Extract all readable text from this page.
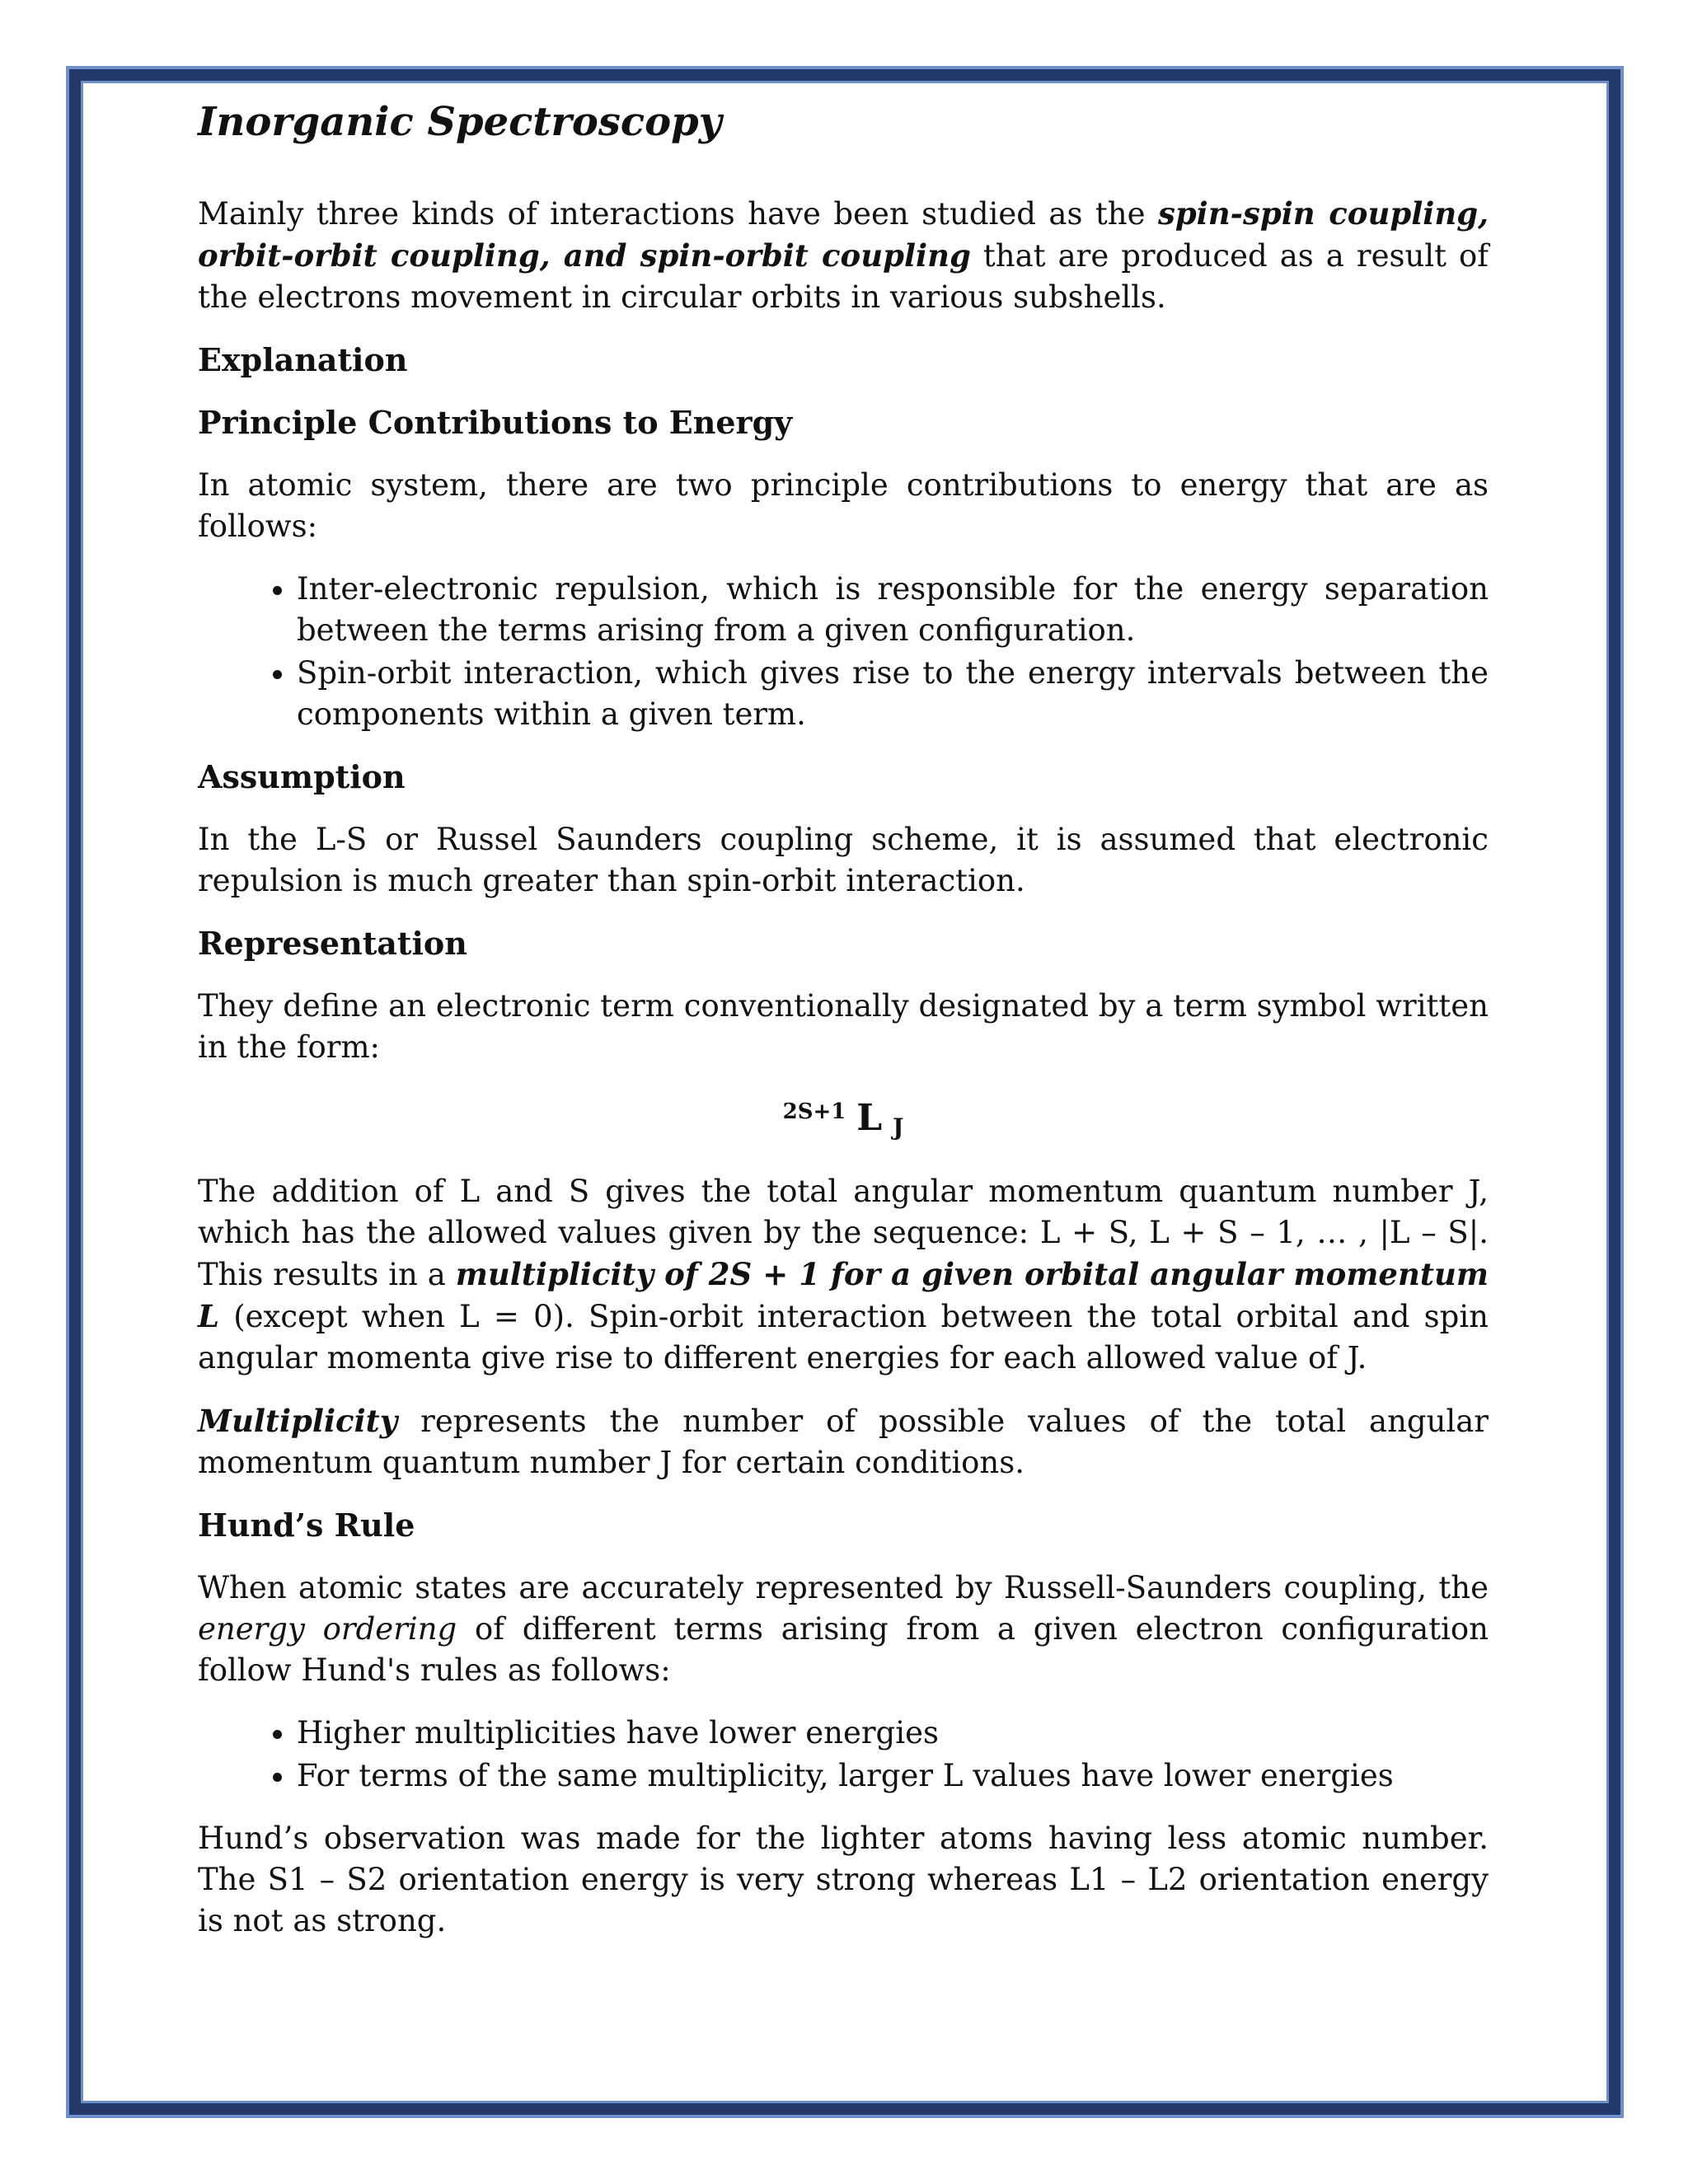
Inorganic Spectroscopy

Mainly three kinds of interactions have been studied as the spin-spin coupling, orbit-orbit coupling, and spin-orbit coupling that are produced as a result of the electrons movement in circular orbits in various subshells.

Explanation
Principle Contributions to Energy

In atomic system, there are two principle contributions to energy that are as follows:

• Inter-electronic repulsion, which is responsible for the energy separation between the terms arising from a given configuration.
• Spin-orbit interaction, which gives rise to the energy intervals between the components within a given term.
Assumption

In the L-S or Russel Saunders coupling scheme, it is assumed that electronic repulsion is much greater than spin-orbit interaction.

Representation

They define an electronic term conventionally designated by a term symbol written in the form:

$^{2S+1}$ L $_J$

The addition of L and S gives the total angular momentum quantum number J, which has the allowed values given by the sequence: L + S, L + S – 1, … , |L – S|. This results in a multiplicity of 2S + 1 for a given orbital angular momentum L (except when L = 0). Spin-orbit interaction between the total orbital and spin angular momenta give rise to different energies for each allowed value of J.

Multiplicity represents the number of possible values of the total angular momentum quantum number J for certain conditions.

Hund’s Rule

When atomic states are accurately represented by Russell-Saunders coupling, the energy ordering of different terms arising from a given electron configuration follow Hund's rules as follows:

• Higher multiplicities have lower energies
• For terms of the same multiplicity, larger L values have lower energies

Hund’s observation was made for the lighter atoms having less atomic number. The S1 – S2 orientation energy is very strong whereas L1 – L2 orientation energy is not as strong.
